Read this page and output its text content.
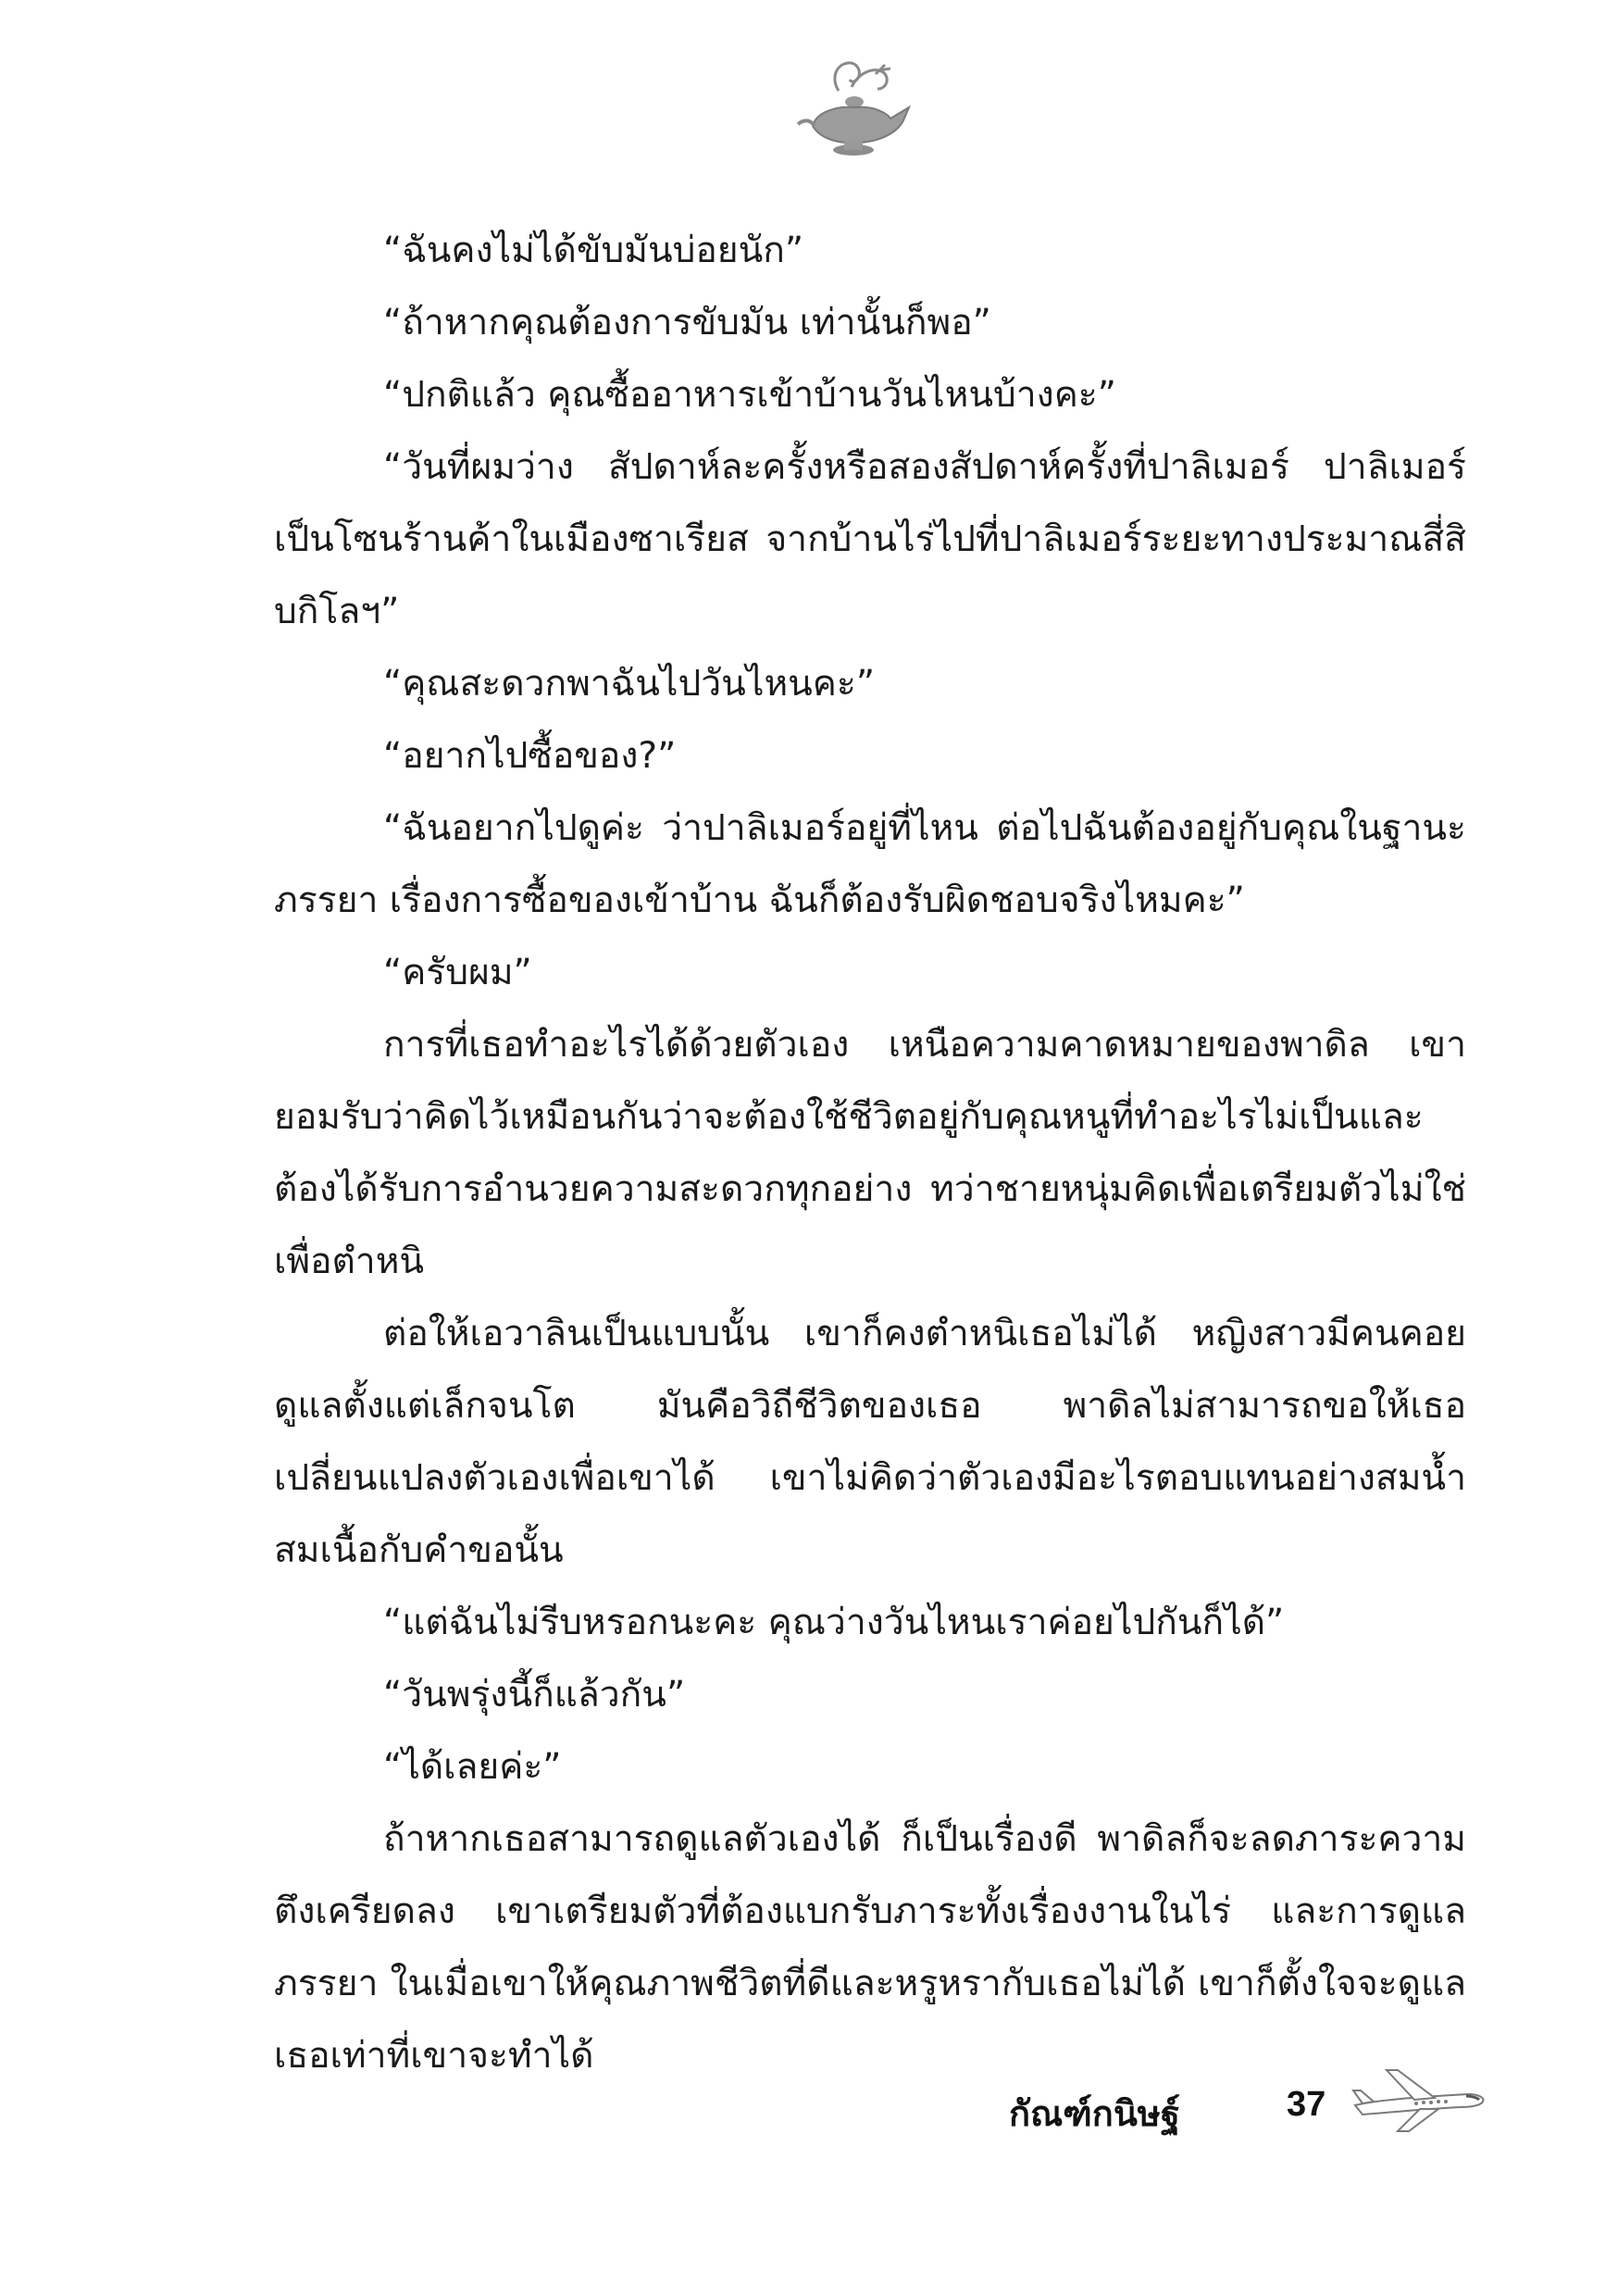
“ฉันคงไม่ได้ขับมันบ่อยนัก”

“ถ้าหากคุณต้องการขับมัน เท่านั้นก็พอ”

“ปกติแล้ว คุณซื้ออาหารเข้าบ้านวันไหนบ้างคะ”

“วันที่ผมว่าง สัปดาห์ละครั้งหรือสองสัปดาห์ครั้งที่ปาลิเมอร์ ปาลิเมอร์เป็นโซนร้านค้าในเมืองซาเรียส จากบ้านไร่ไปที่ปาลิเมอร์ระยะทางประมาณสี่สิบกิโลฯ”

“คุณสะดวกพาฉันไปวันไหนคะ”

“อยากไปซื้อของ?”

“ฉันอยากไปดูค่ะ ว่าปาลิเมอร์อยู่ที่ไหน ต่อไปฉันต้องอยู่กับคุณในฐานะภรรยา เรื่องการซื้อของเข้าบ้าน ฉันก็ต้องรับผิดชอบจริงไหมคะ”

“ครับผม”

การที่เธอทำอะไรได้ด้วยตัวเอง เหนือความคาดหมายของพาดิล เขายอมรับว่าคิดไว้เหมือนกันว่าจะต้องใช้ชีวิตอยู่กับคุณหนูที่ทำอะไรไม่เป็นและต้องได้รับการอำนวยความสะดวกทุกอย่าง ทว่าชายหนุ่มคิดเพื่อเตรียมตัวไม่ใช่เพื่อตำหนิ

ต่อให้เอวาลินเป็นแบบนั้น เขาก็คงตำหนิเธอไม่ได้ หญิงสาวมีคนคอยดูแลตั้งแต่เล็กจนโต มันคือวิถีชีวิตของเธอ พาดิลไม่สามารถขอให้เธอเปลี่ยนแปลงตัวเองเพื่อเขาได้ เขาไม่คิดว่าตัวเองมีอะไรตอบแทนอย่างสมน้ำสมเนื้อกับคำขอนั้น

“แต่ฉันไม่รีบหรอกนะคะ คุณว่างวันไหนเราค่อยไปกันก็ได้”

“วันพรุ่งนี้ก็แล้วกัน”

“ได้เลยค่ะ”

ถ้าหากเธอสามารถดูแลตัวเองได้ ก็เป็นเรื่องดี พาดิลก็จะลดภาระความตึงเครียดลง เขาเตรียมตัวที่ต้องแบกรับภาระทั้งเรื่องงานในไร่ และการดูแลภรรยา ในเมื่อเขาให้คุณภาพชีวิตที่ดีและหรูหรากับเธอไม่ได้ เขาก็ตั้งใจจะดูแลเธอเท่าที่เขาจะทำได้

กัณฑ์กนิษฐ์	37
